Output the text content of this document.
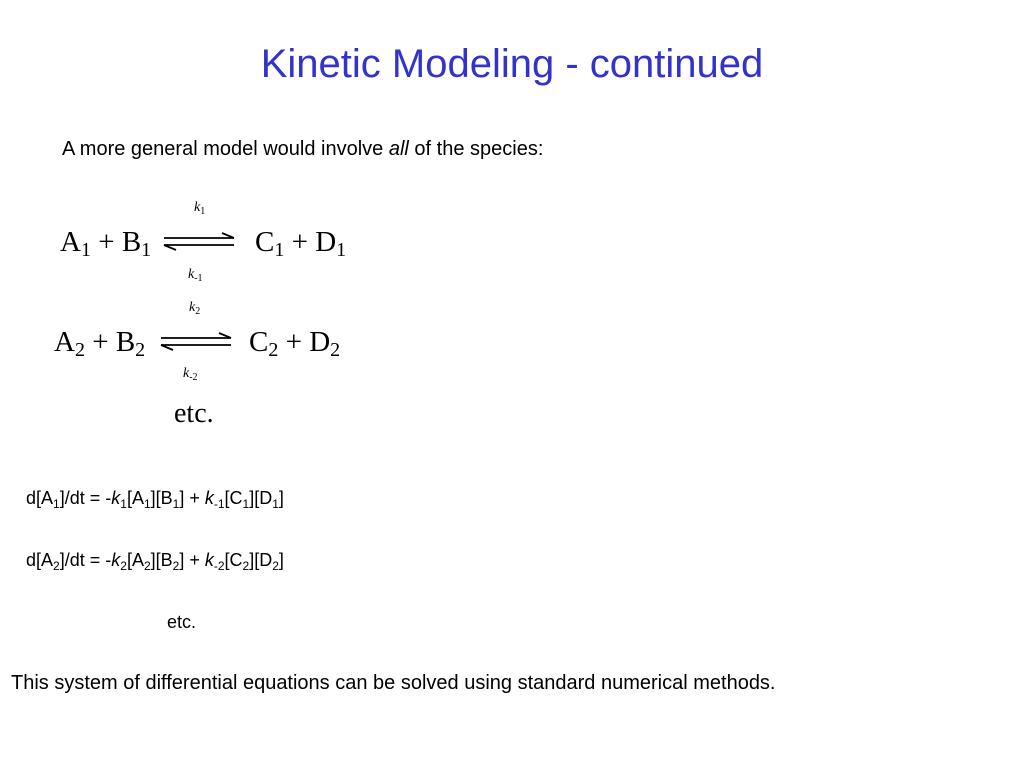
Kinetic Modeling - continued
A more general model would involve all of the species:
$k_1$
$A_1 + B_1$	$C_1 + D_1$
$k_{-1}$
$k_2$
$A_2 + B_2$	$C_2 + D_2$
$k_{-2}$
etc.
$d[A_1]/dt = -k_1[A_1][B_1] + k_{-1}[C_1][D_1]$
$d[A_2]/dt = -k_2[A_2][B_2] + k_{-2}[C_2][D_2]$
etc.
This system of differential equations can be solved using standard numerical methods.
